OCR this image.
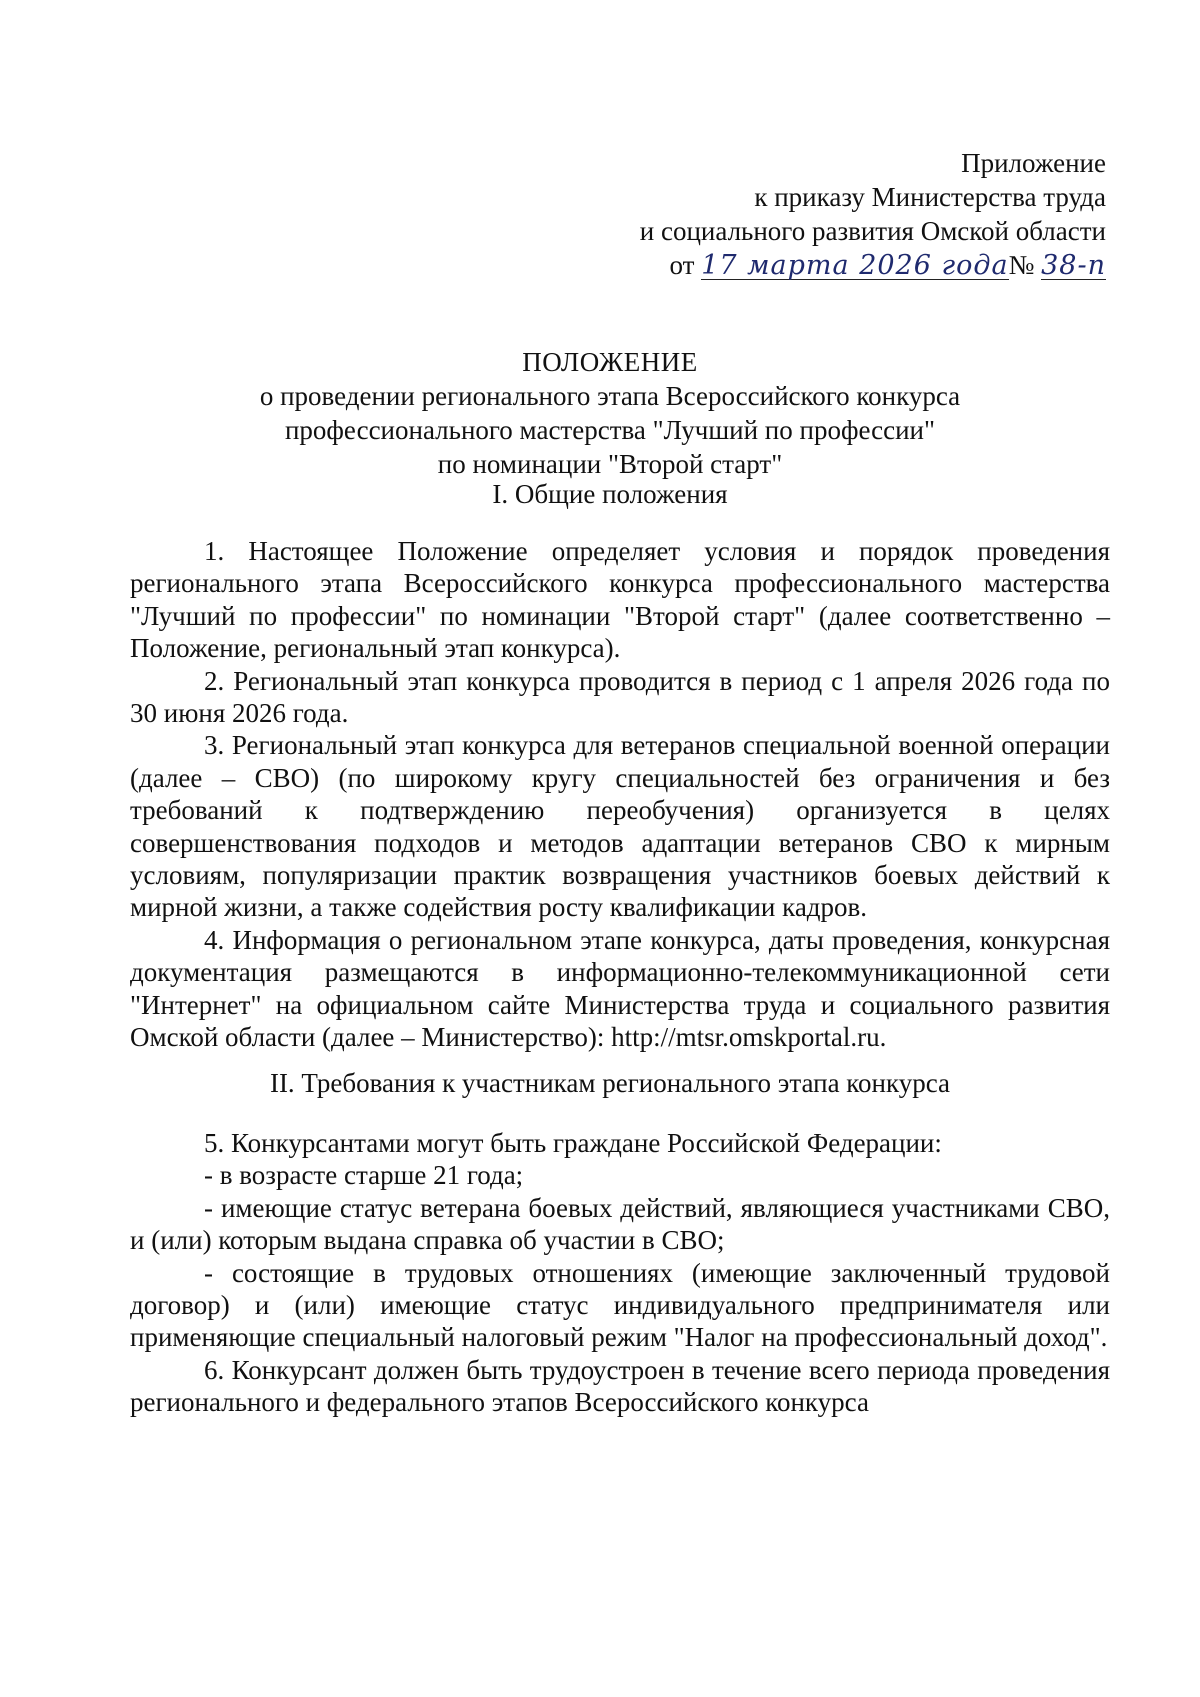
Приложение
к приказу Министерства труда
и социального развития Омской области
от 17 марта 2026 года№ 38-п
ПОЛОЖЕНИЕ
о проведении регионального этапа Всероссийского конкурса
профессионального мастерства "Лучший по профессии"
по номинации "Второй старт"
I. Общие положения

1. Настоящее Положение определяет условия и порядок проведения регионального этапа Всероссийского конкурса профессионального мастерства "Лучший по профессии" по номинации "Второй старт" (далее соответственно – Положение, региональный этап конкурса).

2. Региональный этап конкурса проводится в период с 1 апреля 2026 года по 30 июня 2026 года.

3. Региональный этап конкурса для ветеранов специальной военной операции (далее – СВО) (по широкому кругу специальностей без ограничения и без требований к подтверждению переобучения) организуется в целях совершенствования подходов и методов адаптации ветеранов СВО к мирным условиям, популяризации практик возвращения участников боевых действий к мирной жизни, а также содействия росту квалификации кадров.

4. Информация о региональном этапе конкурса, даты проведения, конкурсная документация размещаются в информационно-телекоммуникационной сети "Интернет" на официальном сайте Министерства труда и социального развития Омской области (далее – Министерство): http://mtsr.omskportal.ru.

II. Требования к участникам регионального этапа конкурса

5. Конкурсантами могут быть граждане Российской Федерации:

- в возрасте старше 21 года;

- имеющие статус ветерана боевых действий, являющиеся участниками СВО, и (или) которым выдана справка об участии в СВО;

- состоящие в трудовых отношениях (имеющие заключенный трудовой договор) и (или) имеющие статус индивидуального предпринимателя или применяющие специальный налоговый режим "Налог на профессиональный доход".

6. Конкурсант должен быть трудоустроен в течение всего периода проведения регионального и федерального этапов Всероссийского конкурса
